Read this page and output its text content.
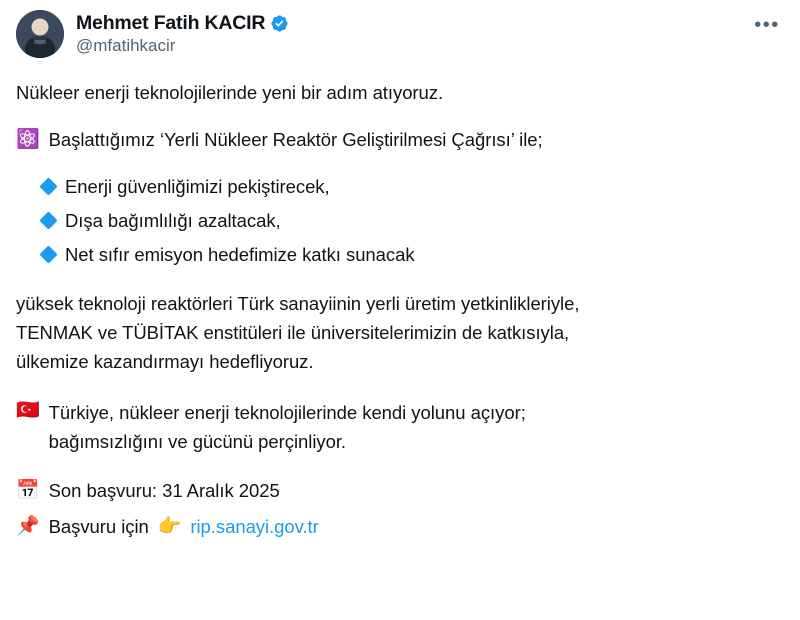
Mehmet Fatih KACIR
@mfatihkacir
•••

Nükleer enerji teknolojilerinde yeni bir adım atıyoruz.

⚛️ Başlattığımız ‘Yerli Nükleer Reaktör Geliştirilmesi Çağrısı’ ile;
Enerji güvenliğimizi pekiştirecek,
Dışa bağımlılığı azaltacak,
Net sıfır emisyon hedefimize katkı sunacak
yüksek teknoloji reaktörleri Türk sanayiinin yerli üretim yetkinlikleriyle,
TENMAK ve TÜBİTAK enstitüleri ile üniversitelerimizin de katkısıyla,
ülkemize kazandırmayı hedefliyoruz.
🇹🇷 Türkiye, nükleer enerji teknolojilerinde kendi yolunu açıyor;
bağımsızlığını ve gücünü perçinliyor.
📅 Son başvuru: 31 Aralık 2025
📌 Başvuru için 👉 rip.sanayi.gov.tr
